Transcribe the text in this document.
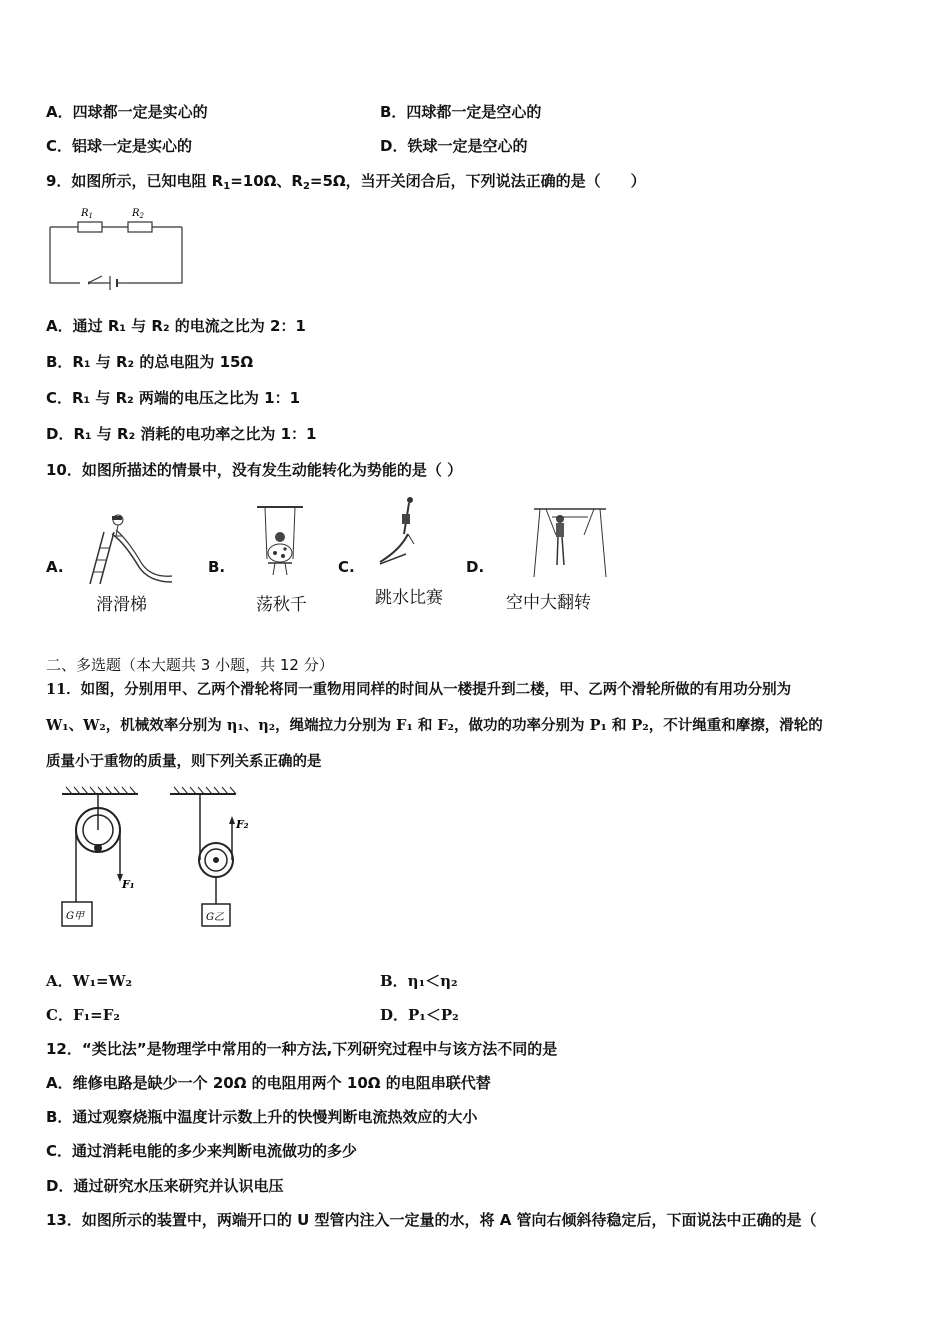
A．四球都一定是实心的	B．四球都一定是空心的
C．铝球一定是实心的	D．铁球一定是空心的
9．如图所示，已知电阻 $R_1=10\Omega$、$R_2=5\Omega$，当开关闭合后，下列说法正确的是（　　）
$R_1$	$R_2$
A．通过 R₁ 与 R₂ 的电流之比为 2：1
B．R₁ 与 R₂ 的总电阻为 15Ω
C．R₁ 与 R₂ 两端的电压之比为 1：1
D．R₁ 与 R₂ 消耗的电功率之比为 1：1
10．如图所描述的情景中，没有发生动能转化为势能的是（ ）
A.	B.	C.	D.
滑滑梯	荡秋千	跳水比赛	空中大翻转
二、多选题（本大题共 3 小题，共 12 分）
11．如图，分别用甲、乙两个滑轮将同一重物用同样的时间从一楼提升到二楼，甲、乙两个滑轮所做的有用功分别为
W₁、W₂，机械效率分别为 η₁、η₂，绳端拉力分别为 F₁ 和 F₂，做功的功率分别为 P₁ 和 P₂，不计绳重和摩擦，滑轮的
质量小于重物的质量，则下列关系正确的是
F₁
G甲
F₂
G乙
A．W₁=W₂	B．η₁＜η₂
C．F₁=F₂	D．P₁＜P₂
12．“类比法”是物理学中常用的一种方法,下列研究过程中与该方法不同的是
A．维修电路是缺少一个 20Ω 的电阻用两个 10Ω 的电阻串联代替
B．通过观察烧瓶中温度计示数上升的快慢判断电流热效应的大小
C．通过消耗电能的多少来判断电流做功的多少
D．通过研究水压来研究并认识电压
13．如图所示的装置中，两端开口的 U 型管内注入一定量的水，将 A 管向右倾斜待稳定后，下面说法中正确的是（
